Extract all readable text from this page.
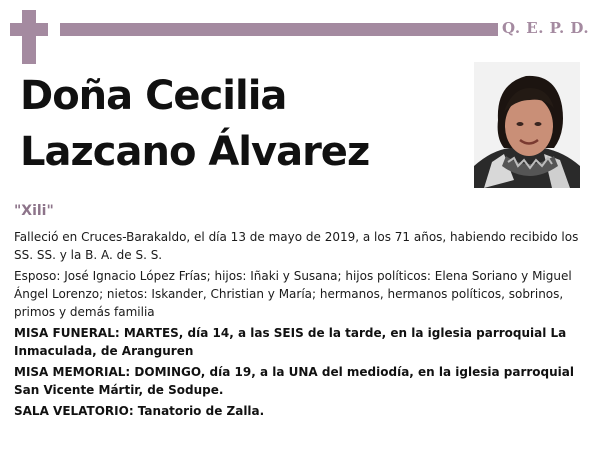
Q. E. P. D.
Doña Cecilia
Lazcano Álvarez
"Xili"

Falleció en Cruces-Barakaldo, el día 13 de mayo de 2019, a los 71 años, habiendo recibido los SS. SS. y la B. A. de S. S.

Esposo: José Ignacio López Frías; hijos: Iñaki y Susana; hijos políticos: Elena Soriano y Miguel Ángel Lorenzo; nietos: Iskander, Christian y María; hermanos, hermanos políticos, sobrinos, primos y demás familia

MISA FUNERAL: MARTES, día 14, a las SEIS de la tarde, en la iglesia parroquial La Inmaculada, de Aranguren

MISA MEMORIAL: DOMINGO, día 19, a la UNA del mediodía, en la iglesia parroquial San Vicente Mártir, de Sodupe.

SALA VELATORIO: Tanatorio de Zalla.
